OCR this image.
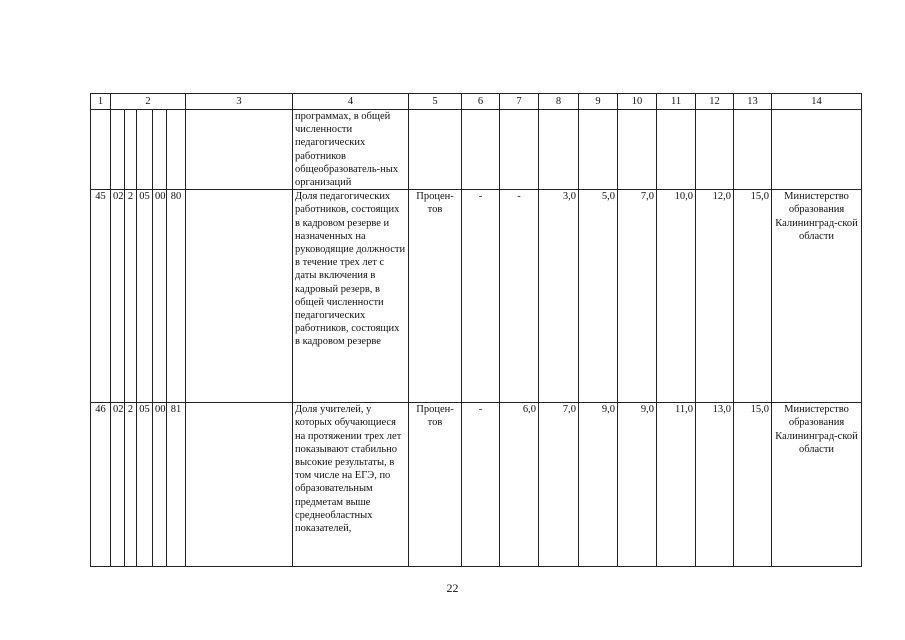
1	2					3	4	5	6	7	8	9	10	11	12	13	14
							программах, в общей численности педагогических работников общеобразователь-ных организаций										
45	02	2	05	00	80		Доля педагогических работников, состоящих в кадровом резерве и назначенных на руководящие должности в течение трех лет с даты включения в кадровый резерв, в общей численности педагогических работников, состоящих в кадровом резерве	Процен-тов	-	-	3,0	5,0	7,0	10,0	12,0	15,0	Министерство образования Калининград-ской области
46	02	2	05	00	81		Доля учителей, у которых обучающиеся на протяжении трех лет показывают стабильно высокие результаты, в том числе на ЕГЭ, по образовательным предметам выше среднеобластных показателей,	Процен-тов	-	6,0	7,0	9,0	9,0	11,0	13,0	15,0	Министерство образования Калининград-ской области
22
